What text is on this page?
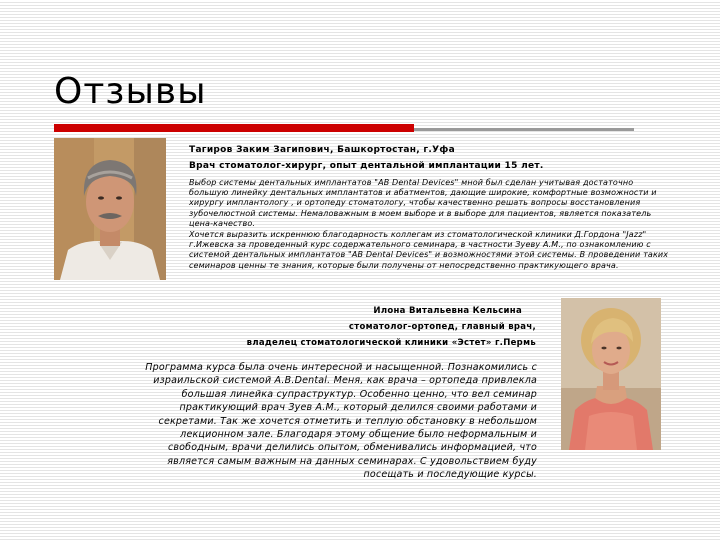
Отзывы
Тагиров Заким Загипович, Башкортостан, г.Уфа
Врач стоматолог-хирург, опыт дентальной имплантации 15 лет.

Выбор системы дентальных имплантатов "AB Dental Devices" мной был сделан учитывая достаточно большую линейку дентальных имплантатов и абатментов, дающие широкие, комфортные возможности и хирургу имплантологу , и ортопеду стоматологу, чтобы качественно решать вопросы восстановления зубочелюстной системы. Немаловажным в моем выборе и в выборе для пациентов, является показатель цена-качество.

Хочется выразить искреннюю благодарность коллегам из стоматологической клиники Д.Гордона "Jazz" г.Ижевска за проведенный курс содержательного семинара, в частности Зуеву А.М., по ознакомлению с системой дентальных имплантатов "AB Dental Devices" и возможностями этой системы. В проведении таких семинаров ценны те знания, которые были получены от непосредственно практикующего врача.

Илона Витальевна Кельсина
стоматолог-ортопед, главный врач,
владелец стоматологической клиники «Эстет» г.Пермь
Программа курса была очень интересной и насыщенной. Познакомились с
израильской системой A.B.Dental. Меня, как врача – ортопеда привлекла
большая линейка супраструктур. Особенно ценно, что вел семинар
практикующий врач Зуев А.М., который делился своими работами и
секретами. Так же хочется отметить и теплую обстановку в небольшом
лекционном зале. Благодаря этому общение было неформальным и
свободным, врачи делились опытом, обменивались информацией, что
является самым важным на данных семинарах. С удовольствием буду
посещать и последующие курсы.
